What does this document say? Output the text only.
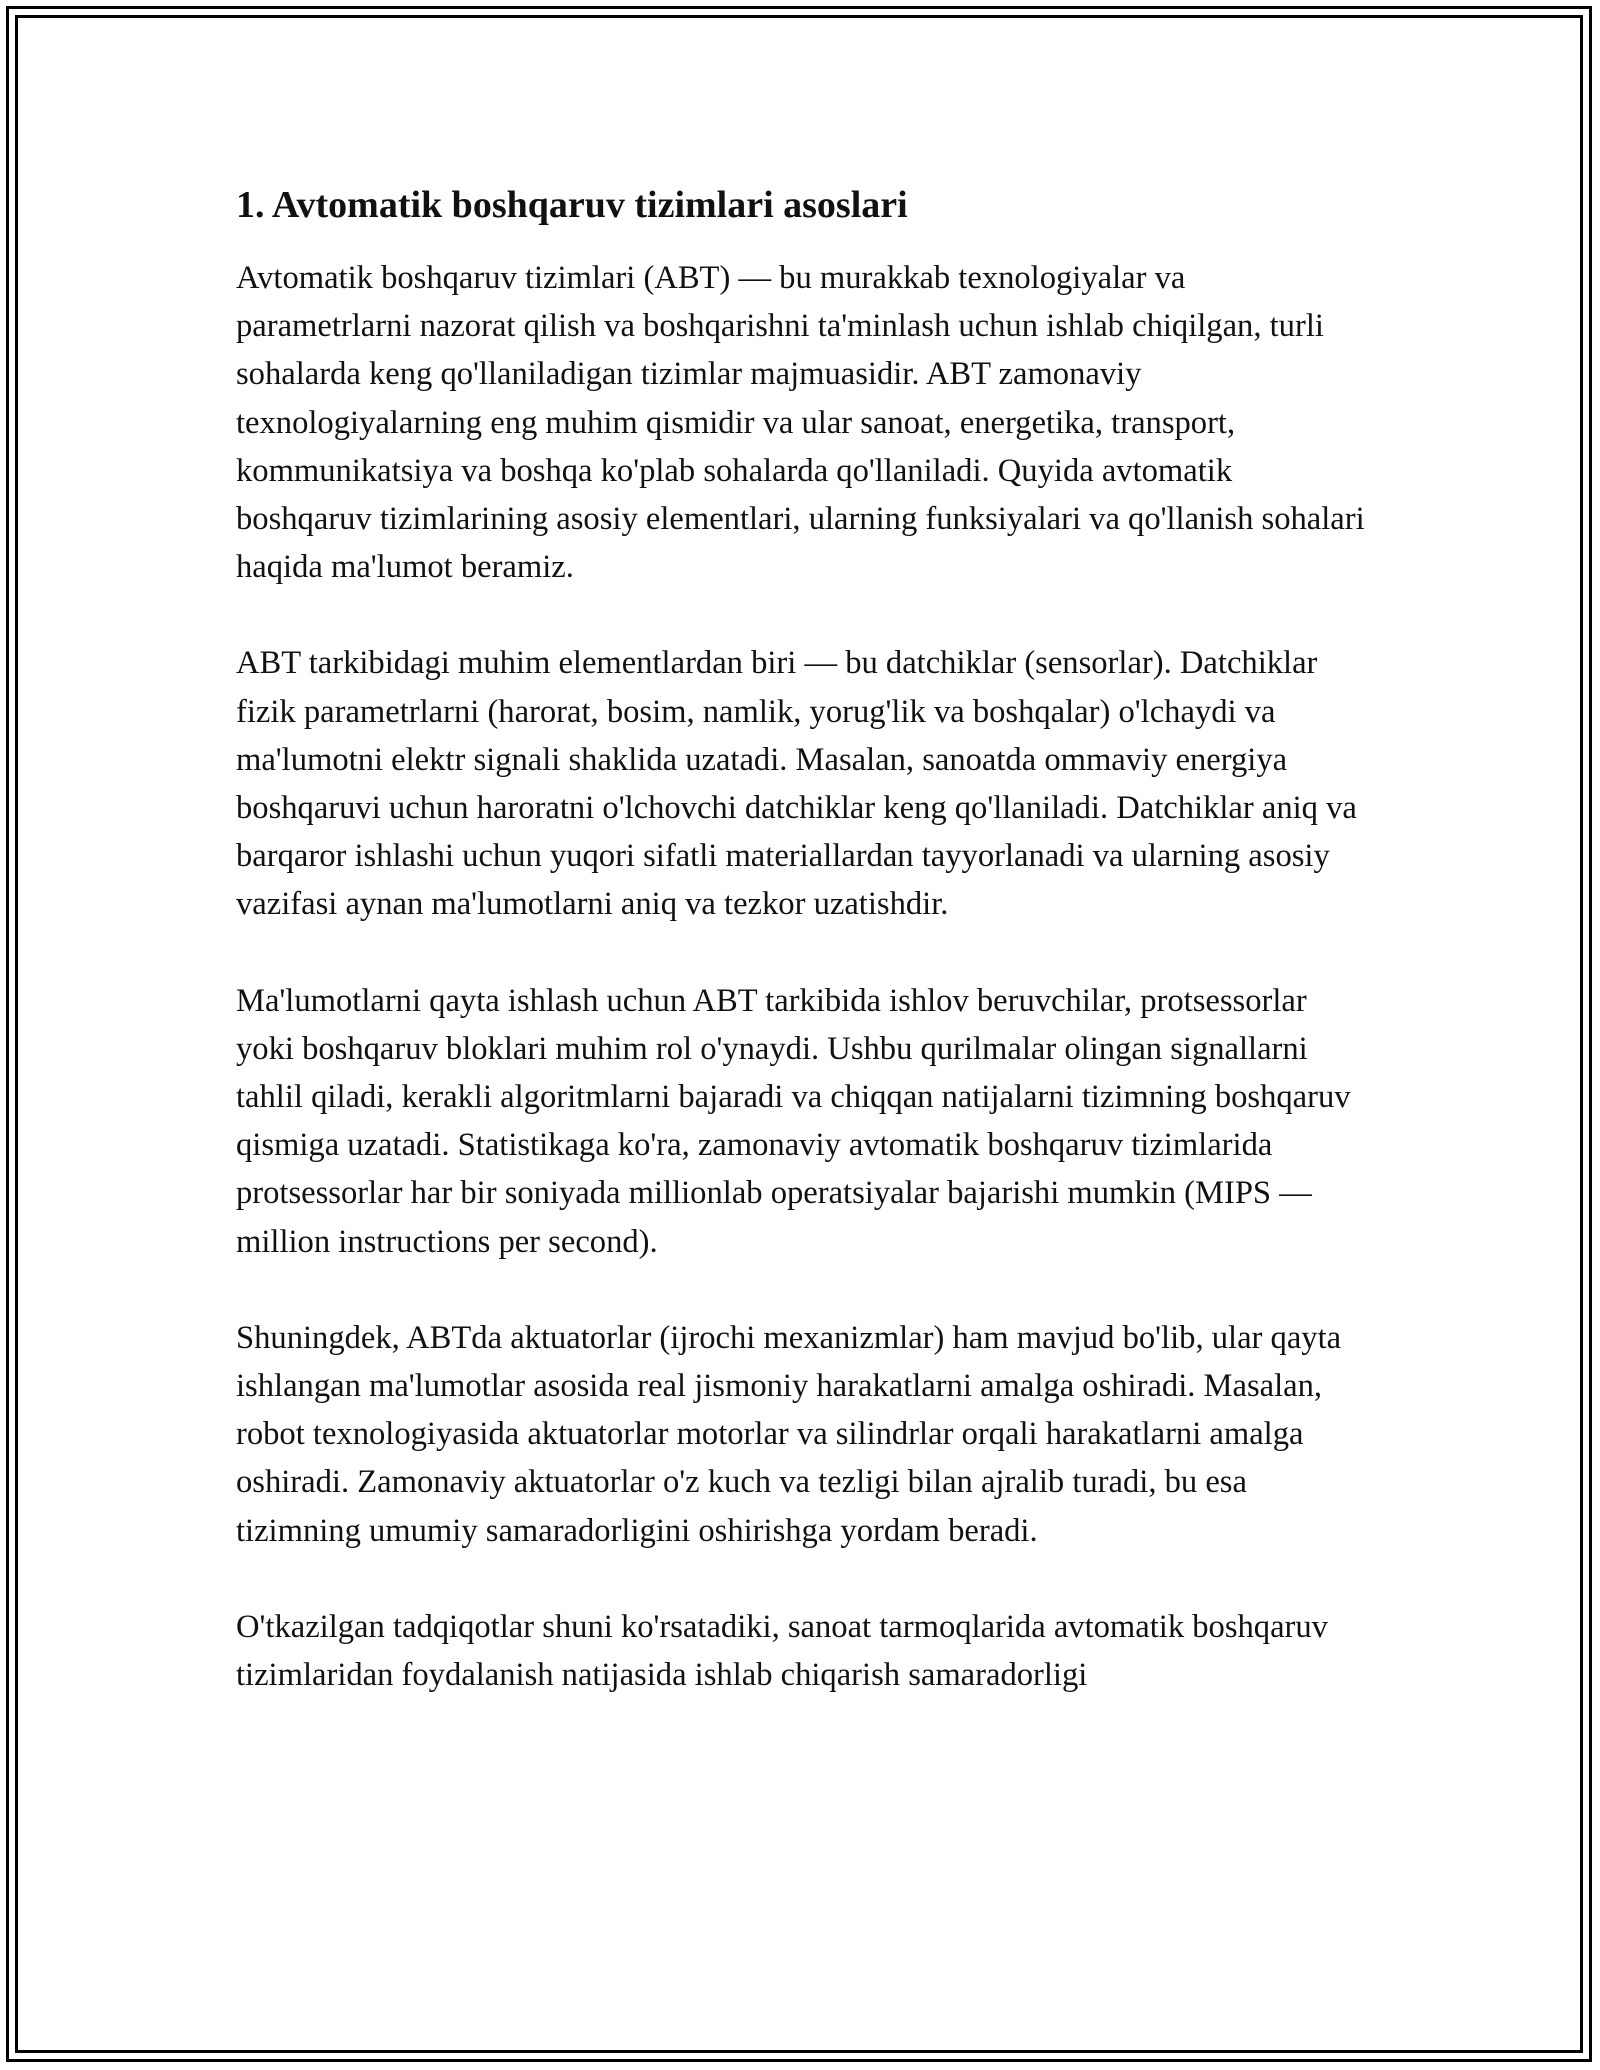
1. Avtomatik boshqaruv tizimlari asoslari

Avtomatik boshqaruv tizimlari (ABT) — bu murakkab texnologiyalar va parametrlarni nazorat qilish va boshqarishni ta'minlash uchun ishlab chiqilgan, turli sohalarda keng qo'llaniladigan tizimlar majmuasidir. ABT zamonaviy texnologiyalarning eng muhim qismidir va ular sanoat, energetika, transport, kommunikatsiya va boshqa ko'plab sohalarda qo'llaniladi. Quyida avtomatik boshqaruv tizimlarining asosiy elementlari, ularning funksiyalari va qo'llanish sohalari haqida ma'lumot beramiz.

ABT tarkibidagi muhim elementlardan biri — bu datchiklar (sensorlar). Datchiklar fizik parametrlarni (harorat, bosim, namlik, yorug'lik va boshqalar) o'lchaydi va ma'lumotni elektr signali shaklida uzatadi. Masalan, sanoatda ommaviy energiya boshqaruvi uchun haroratni o'lchovchi datchiklar keng qo'llaniladi. Datchiklar aniq va barqaror ishlashi uchun yuqori sifatli materiallardan tayyorlanadi va ularning asosiy vazifasi aynan ma'lumotlarni aniq va tezkor uzatishdir.

Ma'lumotlarni qayta ishlash uchun ABT tarkibida ishlov beruvchilar, protsessorlar yoki boshqaruv bloklari muhim rol o'ynaydi. Ushbu qurilmalar olingan signallarni tahlil qiladi, kerakli algoritmlarni bajaradi va chiqqan natijalarni tizimning boshqaruv qismiga uzatadi. Statistikaga ko'ra, zamonaviy avtomatik boshqaruv tizimlarida protsessorlar har bir soniyada millionlab operatsiyalar bajarishi mumkin (MIPS — million instructions per second).

Shuningdek, ABTda aktuatorlar (ijrochi mexanizmlar) ham mavjud bo'lib, ular qayta ishlangan ma'lumotlar asosida real jismoniy harakatlarni amalga oshiradi. Masalan, robot texnologiyasida aktuatorlar motorlar va silindrlar orqali harakatlarni amalga oshiradi. Zamonaviy aktuatorlar o'z kuch va tezligi bilan ajralib turadi, bu esa tizimning umumiy samaradorligini oshirishga yordam beradi.

O'tkazilgan tadqiqotlar shuni ko'rsatadiki, sanoat tarmoqlarida avtomatik boshqaruv tizimlaridan foydalanish natijasida ishlab chiqarish samaradorligi
